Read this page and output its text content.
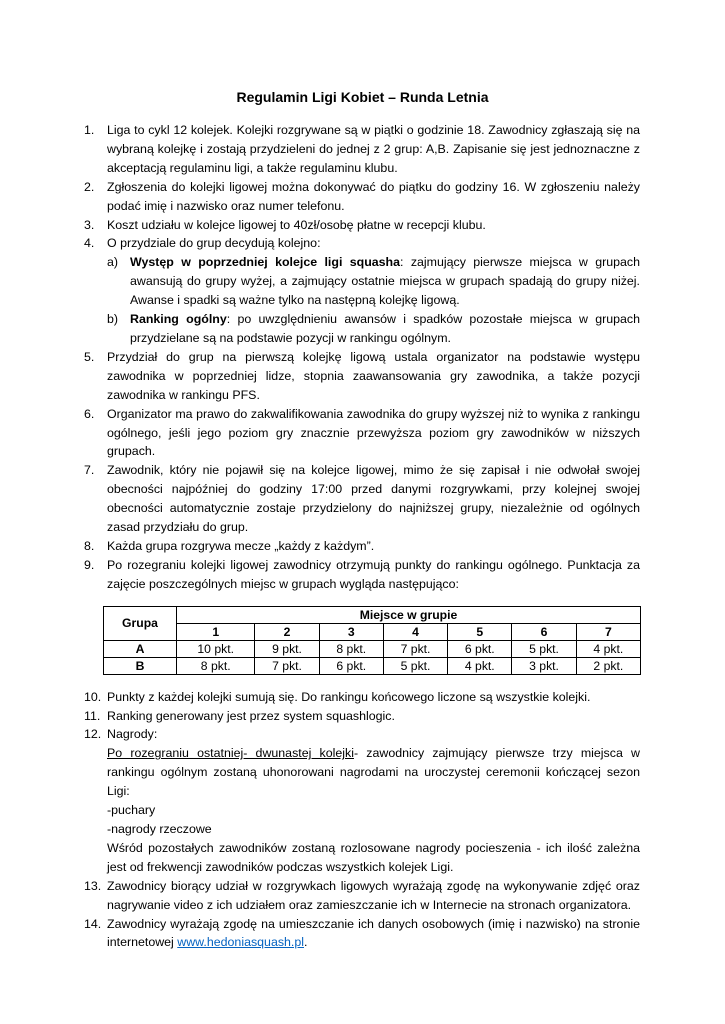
Regulamin Ligi Kobiet – Runda Letnia
1. Liga to cykl 12 kolejek. Kolejki rozgrywane są w piątki o godzinie 18. Zawodnicy zgłaszają się na wybraną kolejkę i zostają przydzieleni do jednej z 2 grup: A,B. Zapisanie się jest jednoznaczne z akceptacją regulaminu ligi, a także regulaminu klubu.
2. Zgłoszenia do kolejki ligowej można dokonywać do piątku do godziny 16. W zgłoszeniu należy podać imię i nazwisko oraz numer telefonu.
3. Koszt udziału w kolejce ligowej to 40zł/osobę płatne w recepcji klubu.
4. O przydziale do grup decydują kolejno:
a) Występ w poprzedniej kolejce ligi squasha: zajmujący pierwsze miejsca w grupach awansują do grupy wyżej, a zajmujący ostatnie miejsca w grupach spadają do grupy niżej. Awanse i spadki są ważne tylko na następną kolejkę ligową.
b) Ranking ogólny: po uwzględnieniu awansów i spadków pozostałe miejsca w grupach przydzielane są na podstawie pozycji w rankingu ogólnym.
5. Przydział do grup na pierwszą kolejkę ligową ustala organizator na podstawie występu zawodnika w poprzedniej lidze, stopnia zaawansowania gry zawodnika, a także pozycji zawodnika w rankingu PFS.
6. Organizator ma prawo do zakwalifikowania zawodnika do grupy wyższej niż to wynika z rankingu ogólnego, jeśli jego poziom gry znacznie przewyższa poziom gry zawodników w niższych grupach.
7. Zawodnik, który nie pojawił się na kolejce ligowej, mimo że się zapisał i nie odwołał swojej obecności najpóźniej do godziny 17:00 przed danymi rozgrywkami, przy kolejnej swojej obecności automatycznie zostaje przydzielony do najniższej grupy, niezależnie od ogólnych zasad przydziału do grup.
8. Każda grupa rozgrywa mecze „każdy z każdym”.
9. Po rozegraniu kolejki ligowej zawodnicy otrzymują punkty do rankingu ogólnego. Punktacja za zajęcie poszczególnych miejsc w grupach wygląda następująco:
Grupa	Miejsce w grupie						
	1	2	3	4	5	6	7
A	10 pkt.	9 pkt.	8 pkt.	7 pkt.	6 pkt.	5 pkt.	4 pkt.
B	8 pkt.	7 pkt.	6 pkt.	5 pkt.	4 pkt.	3 pkt.	2 pkt.
10. Punkty z każdej kolejki sumują się. Do rankingu końcowego liczone są wszystkie kolejki.
11. Ranking generowany jest przez system squashlogic.
12. Nagrody:
Po rozegraniu ostatniej- dwunastej kolejki- zawodnicy zajmujący pierwsze trzy miejsca w rankingu ogólnym zostaną uhonorowani nagrodami na uroczystej ceremonii kończącej sezon Ligi:
-puchary
-nagrody rzeczowe
Wśród pozostałych zawodników zostaną rozlosowane nagrody pocieszenia - ich ilość zależna jest od frekwencji zawodników podczas wszystkich kolejek Ligi.
13. Zawodnicy biorący udział w rozgrywkach ligowych wyrażają zgodę na wykonywanie zdjęć oraz nagrywanie video z ich udziałem oraz zamieszczanie ich w Internecie na stronach organizatora.
14. Zawodnicy wyrażają zgodę na umieszczanie ich danych osobowych (imię i nazwisko) na stronie internetowej www.hedoniasquash.pl.
